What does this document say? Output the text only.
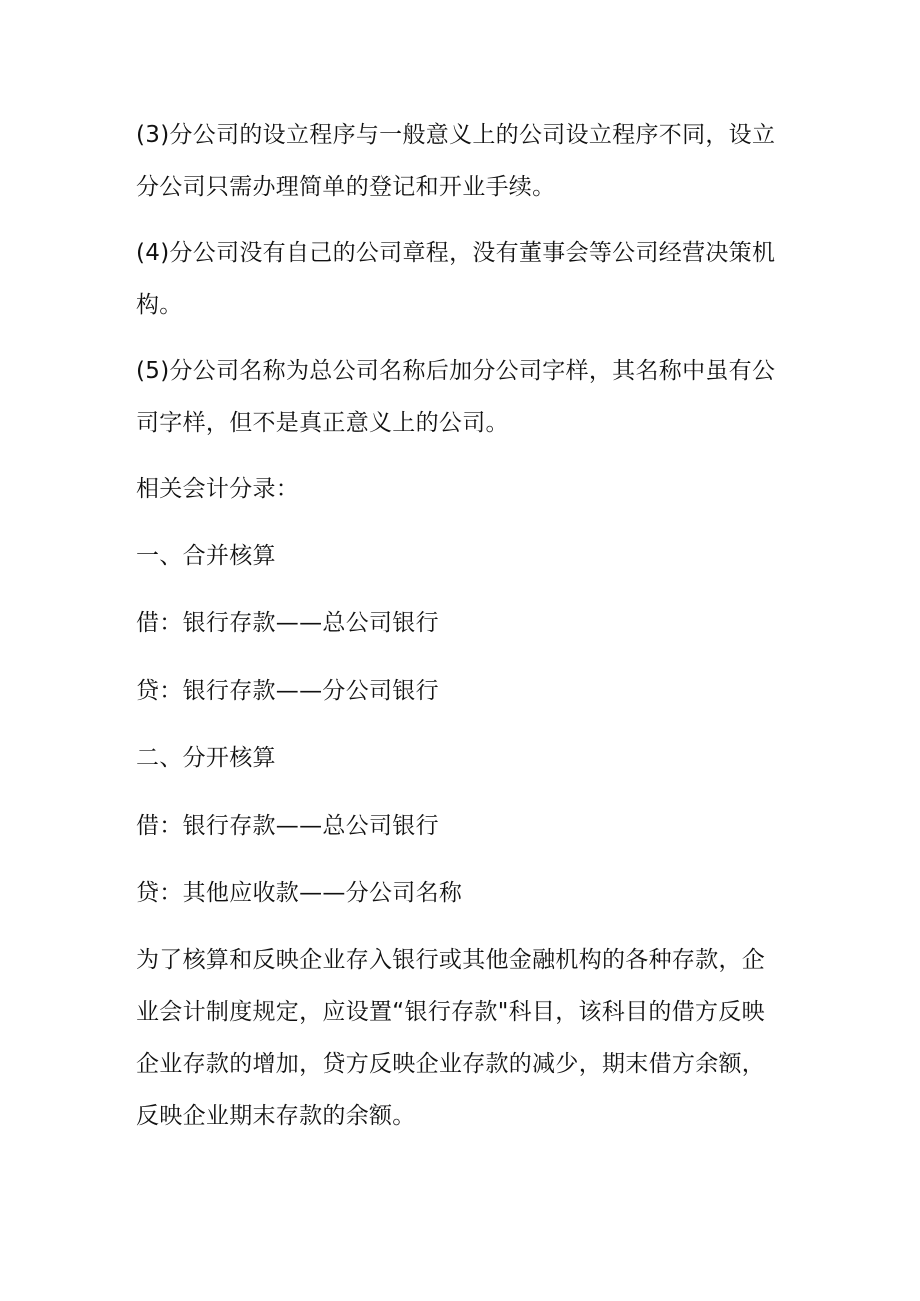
(3)分公司的设立程序与一般意义上的公司设立程序不同，设立分公司只需办理简单的登记和开业手续。

(4)分公司没有自己的公司章程，没有董事会等公司经营决策机构。

(5)分公司名称为总公司名称后加分公司字样，其名称中虽有公司字样，但不是真正意义上的公司。

相关会计分录：

一、合并核算

借：银行存款——总公司银行

贷：银行存款——分公司银行

二、分开核算

借：银行存款——总公司银行

贷：其他应收款——分公司名称

为了核算和反映企业存入银行或其他金融机构的各种存款，企业会计制度规定，应设置“银行存款"科目，该科目的借方反映企业存款的增加，贷方反映企业存款的减少，期末借方余额，反映企业期末存款的余额。
